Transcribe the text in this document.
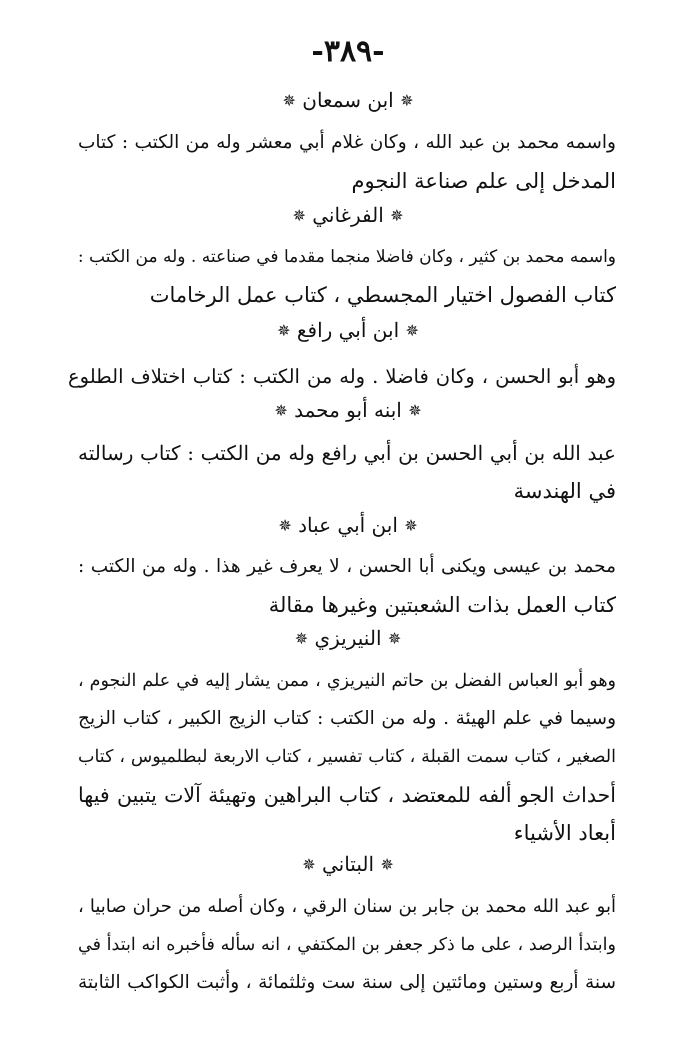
-٣٨٩-
✵ ابن سمعان ✵
واسمه محمد بن عبد الله ، وكان غلام أبي معشر وله من الكتب : كتاب
المدخل إلى علم صناعة النجوم
✵ الفرغاني ✵
واسمه محمد بن كثير ، وكان فاضلا منجما مقدما في صناعته . وله من الكتب :
كتاب الفصول اختيار المجسطي ، كتاب عمل الرخامات
✵ ابن أبي رافع ✵
وهو أبو الحسن ، وكان فاضلا . وله من الكتب : كتاب اختلاف الطلوع
✵ ابنه أبو محمد ✵
عبد الله بن أبي الحسن بن أبي رافع وله من الكتب : كتاب رسالته
في الهندسة
✵ ابن أبي عباد ✵
محمد بن عيسى ويكنى أبا الحسن ، لا يعرف غير هذا . وله من الكتب :
كتاب العمل بذات الشعبتين وغيرها مقالة
✵ النيريزي ✵
وهو أبو العباس الفضل بن حاتم النيريزي ، ممن يشار إليه في علم النجوم ،
وسيما في علم الهيئة . وله من الكتب : كتاب الزيج الكبير ، كتاب الزيج
الصغير ، كتاب سمت القبلة ، كتاب تفسير ، كتاب الاربعة لبطلميوس ، كتاب
أحداث الجو ألفه للمعتضد ، كتاب البراهين وتهيئة آلات يتبين فيها
أبعاد الأشياء
✵ البتاني ✵
أبو عبد الله محمد بن جابر بن سنان الرقي ، وكان أصله من حران صابيا ،
وابتدأ الرصد ، على ما ذكر جعفر بن المكتفي ، انه سأله فأخبره انه ابتدأ في
سنة أربع وستين ومائتين إلى سنة ست وثلثمائة ، وأثبت الكواكب الثابتة
